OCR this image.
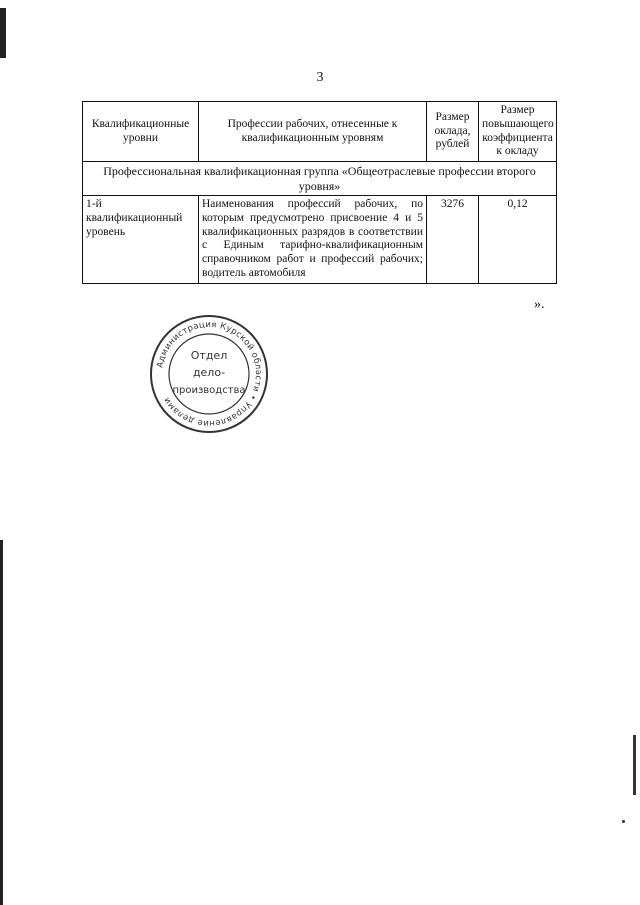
3
Квалификационные уровни	Профессии рабочих, отнесенные к квалификационным уровням	Размер оклада, рублей	Размер повышающего коэффициента к окладу
Профессиональная квалификационная группа «Общеотраслевые профессии второго уровня»			
1-й квалификационный уровень	Наименования профессий рабочих, по которым предусмотрено присвоение 4 и 5 квалификационных разрядов в соответствии с Единым тарифно-квалификационным справочником работ и профессий рабочих; водитель автомобиля	3276	0,12
».
Администрация Курской области • Управление делами
Отдел
дело-
производства
